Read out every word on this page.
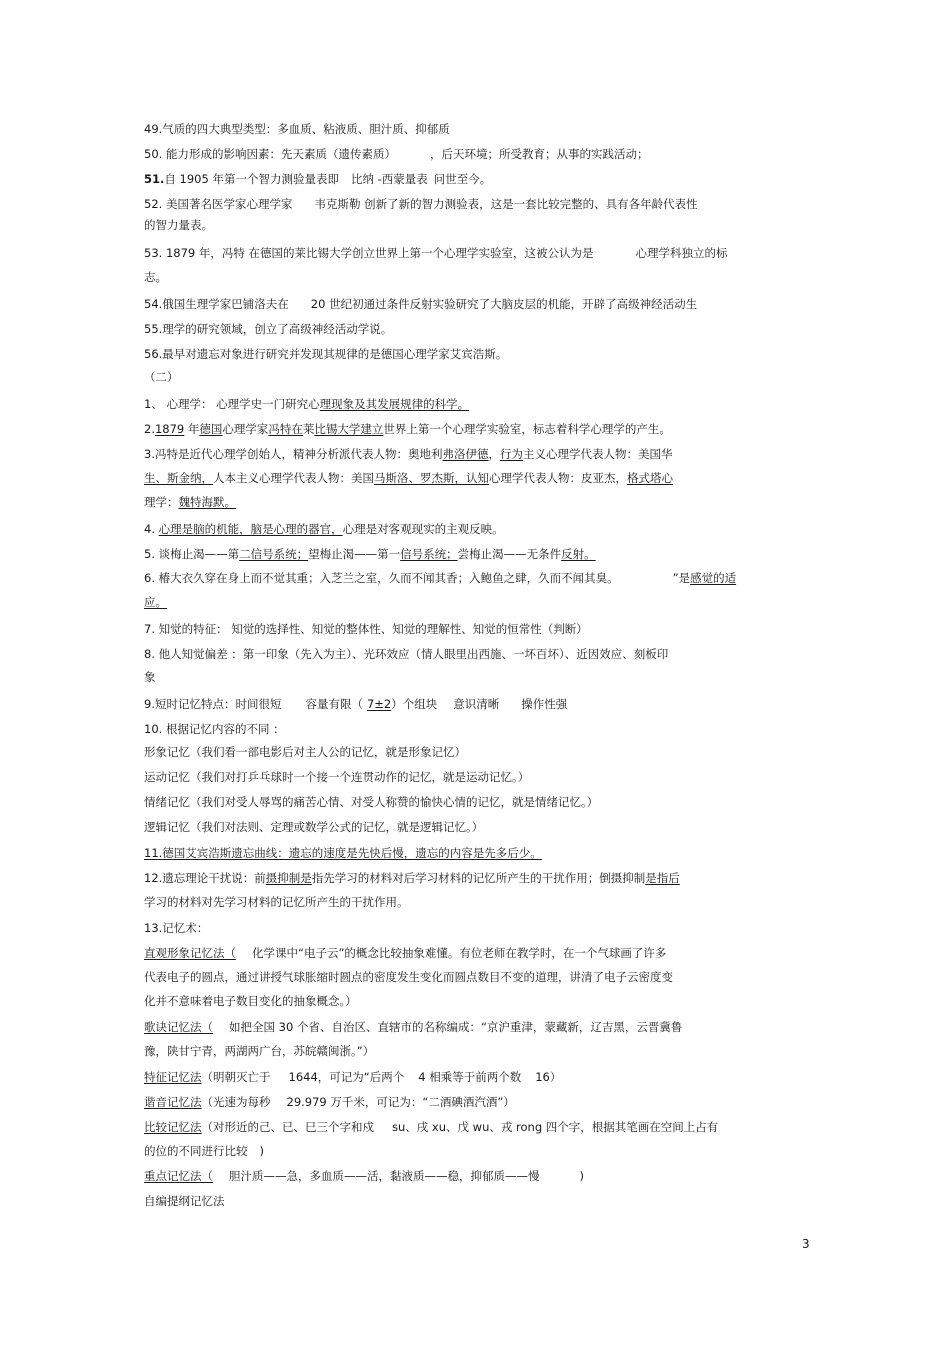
49.气质的四大典型类型：多血质、粘液质、胆汁质、抑郁质
50. 能力形成的影响因素：先天素质（遗传素质）	，后天环境；所受教育；从事的实践活动；
51.自 1905 年第一个智力测验量表即 比纳 -西蒙量表 问世至今。
52. 美国著名医学家心理学家 韦克斯勒 创新了新的智力测验表，这是一套比较完整的、具有各年龄代表性
的智力量表。
53. 1879 年，冯特 在德国的莱比锡大学创立世界上第一个心理学实验室，这被公认为是	心理学科独立的标
志。
54.俄国生理学家巴铺洛夫在 20 世纪初通过条件反射实验研究了大脑皮层的机能，开辟了高级神经活动生
55.理学的研究领域，创立了高级神经活动学说。
56.最早对遗忘对象进行研究并发现其规律的是德国心理学家艾宾浩斯。
（二）
1、 心理学： 心理学史一门研究心理现象及其发展规律的科学。
2.1879 年德国心理学家冯特在莱比锡大学建立世界上第一个心理学实验室，标志着科学心理学的产生。
3.冯特是近代心理学创始人，精神分析派代表人物：奥地利弗洛伊德，行为主义心理学代表人物：美国华
生、斯金纳，人本主义心理学代表人物：美国马斯洛、罗杰斯，认知心理学代表人物：皮亚杰，格式塔心
理学：魏特海默。
4. 心理是脑的机能，脑是心理的器官，心理是对客观现实的主观反映。
5. 谈梅止渴——第二信号系统；望梅止渴——第一信号系统；尝梅止渴——无条件反射。
6. 椿大衣久穿在身上而不觉其重；入芝兰之室，久而不闻其香；入鲍鱼之肆，久而不闻其臭。	”是感觉的适
应。
7. 知觉的特征： 知觉的选择性、知觉的整体性、知觉的理解性、知觉的恒常性（判断）
8. 他人知觉偏差 ：第一印象（先入为主）、光环效应（情人眼里出西施、一坏百坏）、近因效应、刻板印
象
9.短时记忆特点：时间很短 容量有限（ 7±2）个组块 意识清晰 操作性强
10. 根据记忆内容的不同 ：
形象记忆（我们看一部电影后对主人公的记忆，就是形象记忆）
运动记忆（我们对打乒乓球时一个接一个连贯动作的记忆，就是运动记忆。）
情绪记忆（我们对受人辱骂的痛苦心情、对受人称赞的愉快心情的记忆，就是情绪记忆。）
逻辑记忆（我们对法则、定理或数学公式的记忆，就是逻辑记忆。）
11.德国艾宾浩斯遗忘曲线：遗忘的速度是先快后慢，遗忘的内容是先多后少。
12.遗忘理论干扰说：前摄抑制是指先学习的材料对后学习材料的记忆所产生的干扰作用；倒摄抑制是指后
学习的材料对先学习材料的记忆所产生的干扰作用。
13.记忆术：
直观形象记忆法（ 化学课中“电子云”的概念比较抽象难懂。有位老师在教学时，在一个气球画了许多
代表电子的圆点，通过讲授气球胀缩时圆点的密度发生变化而圆点数目不变的道理，讲清了电子云密度变
化并不意味着电子数目变化的抽象概念。）
歌诀记忆法（ 如把全国 30 个省、自治区、直辖市的名称编成：“京沪重津，蒙藏新，辽吉黑，云晋冀鲁
豫，陕甘宁青，两湖两广台，苏皖赣闽浙。”）
特征记忆法（明朝灭亡于 1644，可记为“后两个 4 相乘等于前两个数 16）
谐音记忆法（光速为每秒 29.979 万千米，可记为：“二酒碘酒汽酒”）
比较记忆法（对形近的己、已、巳三个字和戍 su、戌 xu、戊 wu、戎 rong 四个字，根据其笔画在空间上占有
的位的不同进行比较 )
重点记忆法（ 胆汁质——急，多血质——活，黏液质——稳，抑郁质——慢	)
自编提纲记忆法
3
